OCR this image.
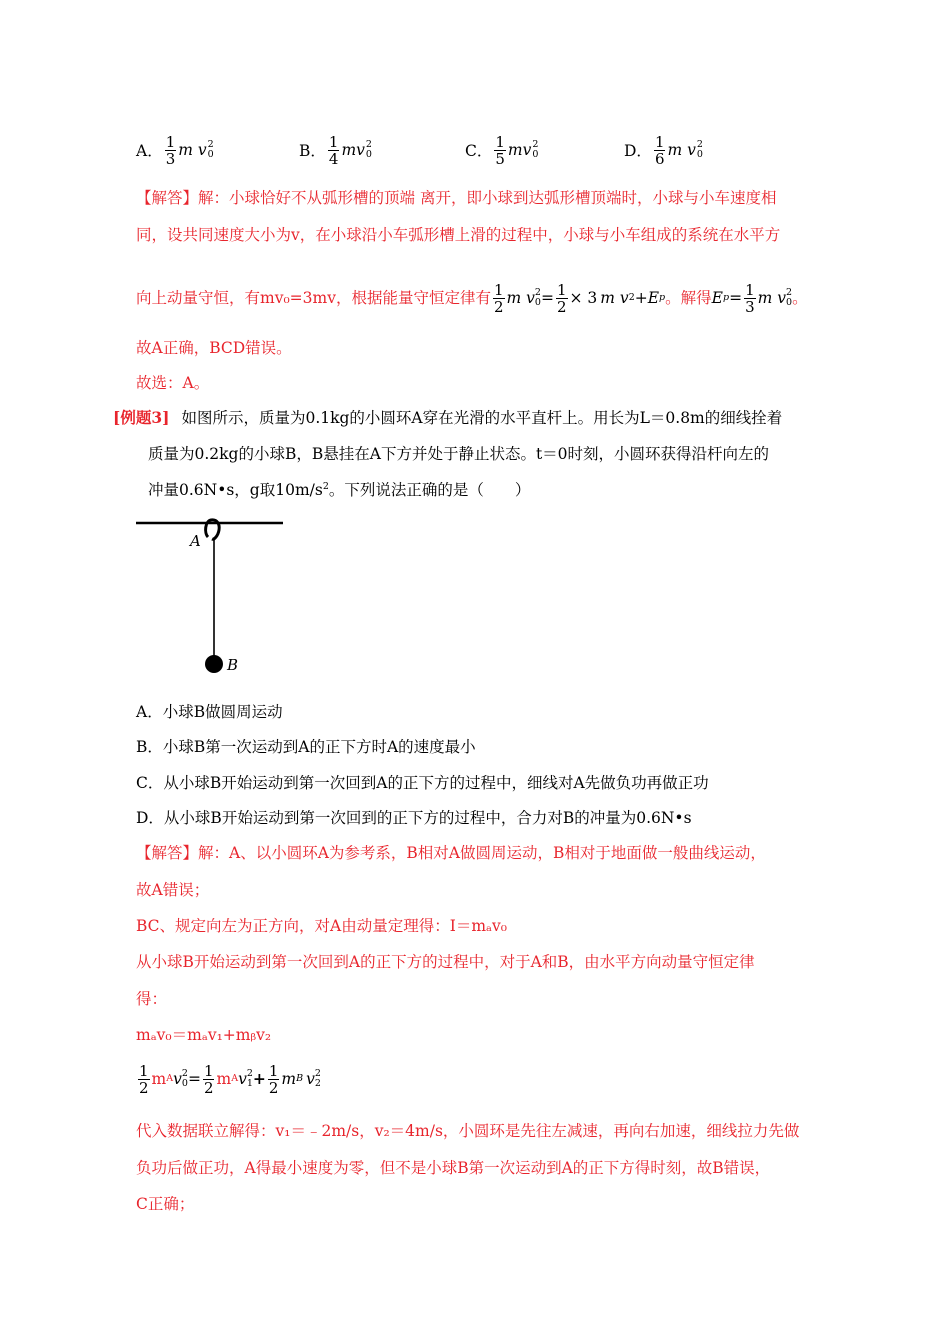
A．
1
3 m v 2
0	B．
1
4 mv 2
0	C．
1
5 mv 2
0	D．
1
6 m v 2
0
【解答】解：小球恰好不从弧形槽的顶端 离开，即小球到达弧形槽顶端时，小球与小车速度相
同，设共同速度大小为v，在小球沿小车弧形槽上滑的过程中，小球与小车组成的系统在水平方
向上动量守恒，有mv₀=3mv，根据能量守恒定律有 1
2 m v 2
$0 = \frac{1}{2} \times 3$ m v 2 +E p 。解得 E $p = \frac{1}{3}$ m v 2
0 。
故A正确，BCD错误。
故选：A。
[例题3] 如图所示，质量为0.1kg的小圆环A穿在光滑的水平直杆上。用长为L＝0.8m的细线拴着
质量为0.2kg的小球B，B悬挂在A下方并处于静止状态。t＝0时刻，小圆环获得沿杆向左的
冲量0.6N•s，g取$10m/s^2$。下列说法正确的是（　　）
A
B
A．小球B做圆周运动
B．小球B第一次运动到A的正下方时A的速度最小
C．从小球B开始运动到第一次回到A的正下方的过程中，细线对A先做负功再做正功
D．从小球B开始运动到第一次回到的正下方的过程中，合力对B的冲量为0.6N•s
【解答】解：A、以小圆环A为参考系，B相对A做圆周运动，B相对于地面做一般曲线运动，
故A错误；
BC、规定向左为正方向，对A由动量定理得：I＝mₐv₀
从小球B开始运动到第一次回到A的正下方的过程中，对于A和B，由水平方向动量守恒定律
得：
mₐv₀＝mₐv₁+mᵦv₂
1
2 m A v 2
$0 = \frac{1}{2}$ m A v 2
$1 + \frac{1}{2}$ m B v 2
2
代入数据联立解得：v₁＝﹣2m/s，v₂＝4m/s，小圆环是先往左减速，再向右加速，细线拉力先做
负功后做正功，A得最小速度为零，但不是小球B第一次运动到A的正下方得时刻，故B错误，
C正确；
